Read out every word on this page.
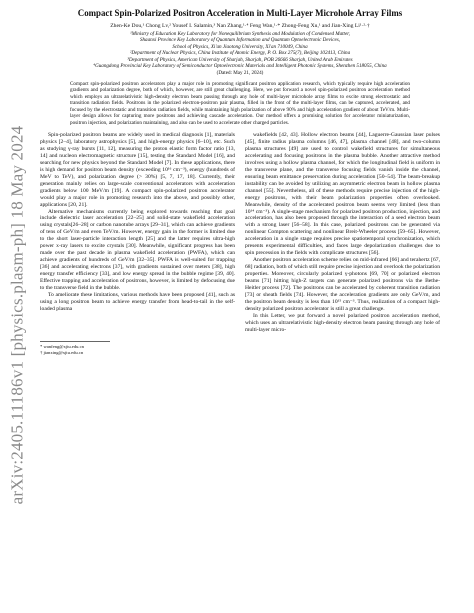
arXiv:2405.11186v1 [physics.plasm-ph] 18 May 2024
Compact Spin-Polarized Positron Acceleration in Multi-Layer Microhole Array Films
Zhen-Ke Dou,¹ Chong Lv,² Yousef I. Salamin,³ Nan Zhang,¹·⁴ Feng Wan,¹·* Zhong-Feng Xu,¹ and Jian-Xing Li¹·²·†
¹Ministry of Education Key Laboratory for Nonequilibrium Synthesis and Modulation of Condensed Matter,
Shaanxi Province Key Laboratory of Quantum Information and Quantum Optoelectronic Devices,
School of Physics, Xi'an Jiaotong University, Xi'an 710049, China
²Department of Nuclear Physics, China Institute of Atomic Energy, P. O. Box 275(7), Beijing 102413, China
³Department of Physics, American University of Sharjah, Sharjah, POB 26666 Sharjah, United Arab Emirates
⁴Guangdong Provincial Key Laboratory of Semiconductor Optoelectronic Materials and Intelligent Photonic Systems, Shenzhen 518055, China
(Dated: May 21, 2024)
Compact spin-polarized positron accelerators play a major role in promoting significant positron application research, which typically require high acceleration gradients and polarization degree, both of which, however, are still great challenging. Here, we put forward a novel spin-polarized positron acceleration method which employs an ultrarelativistic high-density electron beam passing through any hole of multi-layer microhole array films to excite strong electrostatic and transition radiation fields. Positrons in the polarized electron-positron pair plasma, filled in the front of the multi-layer films, can be captured, accelerated, and focused by the electrostatic and transition radiation fields, while maintaining high polarization of above 90% and high acceleration gradient of about TeV/m. Multi-layer design allows for capturing more positrons and achieving cascade acceleration. Our method offers a promising solution for accelerator miniaturization, positron injection, and polarization maintaining, and also can be used to accelerate other charged particles.

Spin-polarized positron beams are widely used in medical diagnosis [1], materials physics [2–4], laboratory astrophysics [5], and high-energy physics [6–10], etc. Such as studying γ-ray bursts [11, 12], measuring the proton elastic form factor ratio [13, 14] and nucleon electromagnetic structure [15], testing the Standard Model [16], and searching for new physics beyond the Standard Model [7]. In these applications, there is high demand for positron beam density (exceeding 10¹⁶ cm⁻³), energy (hundreds of MeV to TeV), and polarization degree (> 30%) [5, 7, 17, 18]. Currently, their generation mainly relies on large-scale conventional accelerators with acceleration gradients below 100 MeV/m [19]. A compact spin-polarized positron accelerator would play a major role in promoting research into the above, and possibly other, applications [20, 21].

Alternative mechanisms currently being explored towards reaching that goal include dielectric laser acceleration [22–25] and solid-state wakefield acceleration using crystals[26–28] or carbon nanotube arrays [29–31], which can achieve gradients of tens of GeV/m and even TeV/m. However, energy gain in the former is limited due to the short laser-particle interaction length [25] and the latter requires ultra-high power x-ray lasers to excite crystals [30]. Meanwhile, significant progress has been made over the past decade in plasma wakefield acceleration (PWFA), which can achieve gradients of hundreds of GeV/m [32–35]. PWFA is well-suited for trapping [36] and accelerating electrons [37], with gradients sustained over meters [38], high energy transfer efficiency [33], and low energy spread in the bubble regime [39, 40]. Effective trapping and acceleration of positrons, however, is limited by defocusing due to the transverse field in the bubble.

To ameliorate these limitations, various methods have been proposed [41], such as using a long positron beam to achieve energy transfer from head-to-tail in the self-loaded plasma

* wanfeng@xjtu.edu.cn
† jianxing@xjtu.edu.cn

wakefields [42, 43]. Hollow electron beams [44], Laguerre-Gaussian laser pulses [45], finite radius plasma columns [46, 47], plasma channel [48], and two-column plasma structures [49] are used to control wakefield structures for simultaneous accelerating and focusing positrons in the plasma bubble. Another attractive method involves using a hollow plasma channel, for which the longitudinal field is uniform in the transverse plane, and the transverse focusing fields vanish inside the channel, ensuring beam emittance preservation during acceleration [50–54]. The beam-breakup instability can be avoided by utilizing an asymmetric electron beam in hollow plasma channel [55]. Nevertheless, all of these methods require precise injection of the high-energy positrons, with their beam polarization properties often overlooked. Meanwhile, density of the accelerated positron beam seems very limited (less than 10¹⁴ cm⁻³). A single-stage mechanism for polarized positron production, injection, and acceleration, has also been proposed through the interaction of a seed electron beam with a strong laser [56–58]. In this case, polarized positrons can be generated via nonlinear Compton scattering and nonlinear Breit-Wheeler process [59–65]. However, acceleration in a single stage requires precise spatiotemporal synchronization, which presents experimental difficulties, and faces large depolarization challenges due to spin precession in the fields with complicate structures [56].

Another positron acceleration scheme relies on mid-infrared [66] and terahertz [67, 68] radiation, both of which still require precise injection and overlook the polarization properties. Moreover, circularly polarized γ-photons [69, 70] or polarized electron beams [71] hitting high-Z targets can generate polarized positrons via the Bethe-Heitler process [72]. The positrons can be accelerated by coherent transition radiation [73] or sheath fields [74]. However, the acceleration gradients are only GeV/m, and the positron beam density is less than 10¹⁵ cm⁻³. Thus, realization of a compact high-density polarized positron accelerator is still a great challenge.

In this Letter, we put forward a novel polarized positron acceleration method, which uses an ultrarelativistic high-density electron beam passing through any hole of multi-layer micro-
